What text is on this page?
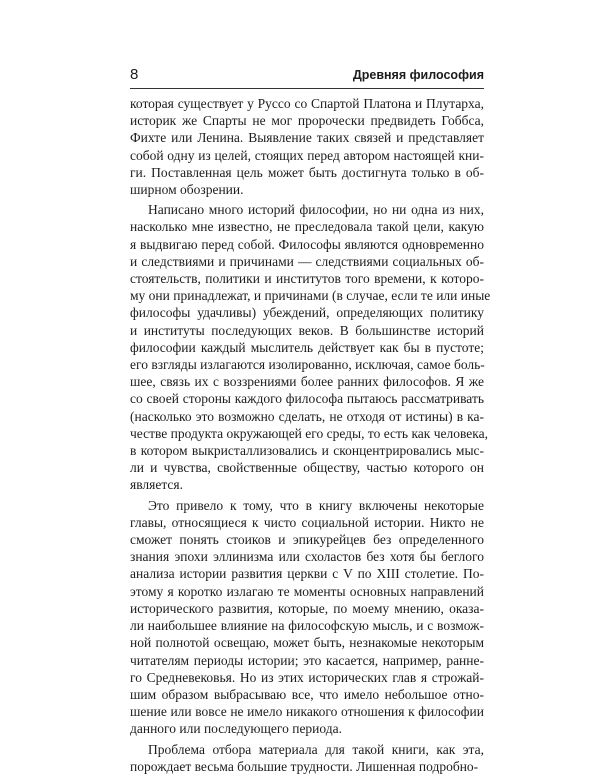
8	Древняя философия
которая существует у Руссо со Спартой Платона и Плутарха,
историк же Спарты не мог пророчески предвидеть Гоббса,
Фихте или Ленина. Выявление таких связей и представляет
собой одну из целей, стоящих перед автором настоящей кни-
ги. Поставленная цель может быть достигнута только в об-
ширном обозрении.
Написано много историй философии, но ни одна из них,
насколько мне известно, не преследовала такой цели, какую
я выдвигаю перед собой. Философы являются одновременно
и следствиями и причинами — следствиями социальных об-
стоятельств, политики и институтов того времени, к которо-
му они принадлежат, и причинами (в случае, если те или иные
философы удачливы) убеждений, определяющих политику
и институты последующих веков. В большинстве историй
философии каждый мыслитель действует как бы в пустоте;
его взгляды излагаются изолированно, исключая, самое боль-
шее, связь их с воззрениями более ранних философов. Я же
со своей стороны каждого философа пытаюсь рассматривать
(насколько это возможно сделать, не отходя от истины) в ка-
честве продукта окружающей его среды, то есть как человека,
в котором выкристаллизовались и сконцентрировались мыс-
ли и чувства, свойственные обществу, частью которого он
является.
Это привело к тому, что в книгу включены некоторые
главы, относящиеся к чисто социальной истории. Никто не
сможет понять стоиков и эпикурейцев без определенного
знания эпохи эллинизма или схоластов без хотя бы беглого
анализа истории развития церкви с V по XIII столетие. По-
этому я коротко излагаю те моменты основных направлений
исторического развития, которые, по моему мнению, оказа-
ли наибольшее влияние на философскую мысль, и с возмож-
ной полнотой освещаю, может быть, незнакомые некоторым
читателям периоды истории; это касается, например, ранне-
го Средневековья. Но из этих исторических глав я строжай-
шим образом выбрасываю все, что имело небольшое отно-
шение или вовсе не имело никакого отношения к философии
данного или последующего периода.
Проблема отбора материала для такой книги, как эта,
порождает весьма большие трудности. Лишенная подробно-
